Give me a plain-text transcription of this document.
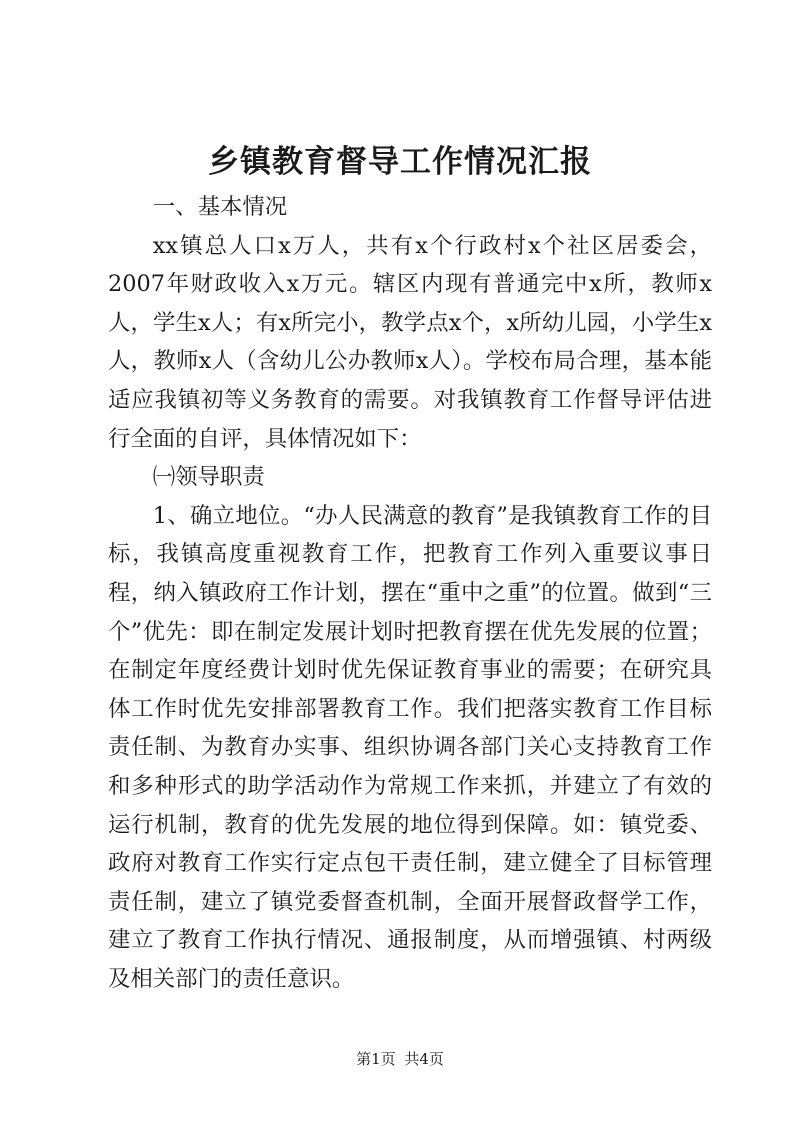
乡镇教育督导工作情况汇报

一、基本情况

xx镇总人口x万人，共有x个行政村x个社区居委会，2007年财政收入x万元。辖区内现有普通完中x所，教师x人，学生x人；有x所完小，教学点x个，x所幼儿园，小学生x人，教师x人（含幼儿公办教师x人）。学校布局合理，基本能适应我镇初等义务教育的需要。对我镇教育工作督导评估进行全面的自评，具体情况如下：

㈠领导职责

1、确立地位。“办人民满意的教育”是我镇教育工作的目标，我镇高度重视教育工作，把教育工作列入重要议事日程，纳入镇政府工作计划，摆在“重中之重”的位置。做到“三个”优先：即在制定发展计划时把教育摆在优先发展的位置；在制定年度经费计划时优先保证教育事业的需要；在研究具体工作时优先安排部署教育工作。我们把落实教育工作目标责任制、为教育办实事、组织协调各部门关心支持教育工作和多种形式的助学活动作为常规工作来抓，并建立了有效的运行机制，教育的优先发展的地位得到保障。如：镇党委、政府对教育工作实行定点包干责任制，建立健全了目标管理责任制，建立了镇党委督查机制，全面开展督政督学工作，建立了教育工作执行情况、通报制度，从而增强镇、村两级及相关部门的责任意识。

第1页 共4页
